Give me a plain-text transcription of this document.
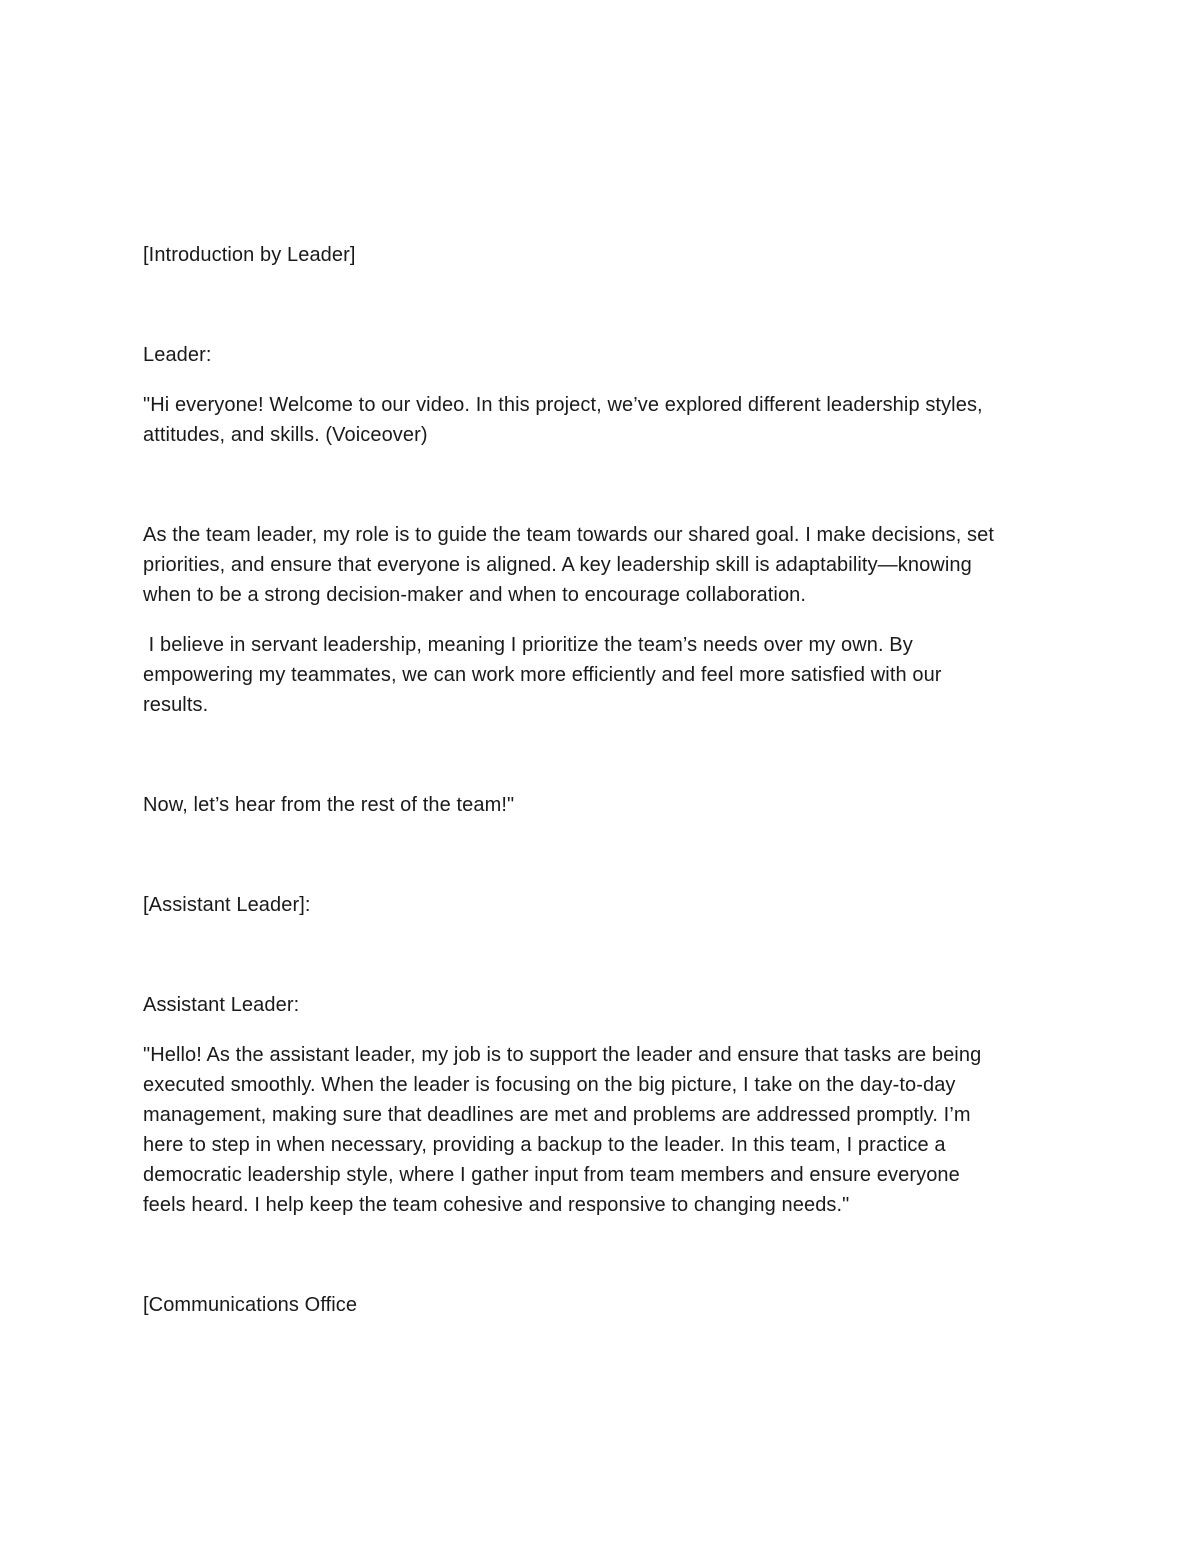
[Introduction by Leader]
Leader:
"Hi everyone! Welcome to our video. In this project, we’ve explored different leadership styles,
attitudes, and skills. (Voiceover)
As the team leader, my role is to guide the team towards our shared goal. I make decisions, set
priorities, and ensure that everyone is aligned. A key leadership skill is adaptability—knowing
when to be a strong decision-maker and when to encourage collaboration.
I believe in servant leadership, meaning I prioritize the team’s needs over my own. By
empowering my teammates, we can work more efficiently and feel more satisfied with our
results.
Now, let’s hear from the rest of the team!"
[Assistant Leader]:
Assistant Leader:
"Hello! As the assistant leader, my job is to support the leader and ensure that tasks are being
executed smoothly. When the leader is focusing on the big picture, I take on the day-to-day
management, making sure that deadlines are met and problems are addressed promptly. I’m
here to step in when necessary, providing a backup to the leader. In this team, I practice a
democratic leadership style, where I gather input from team members and ensure everyone
feels heard. I help keep the team cohesive and responsive to changing needs."
[Communications Office
